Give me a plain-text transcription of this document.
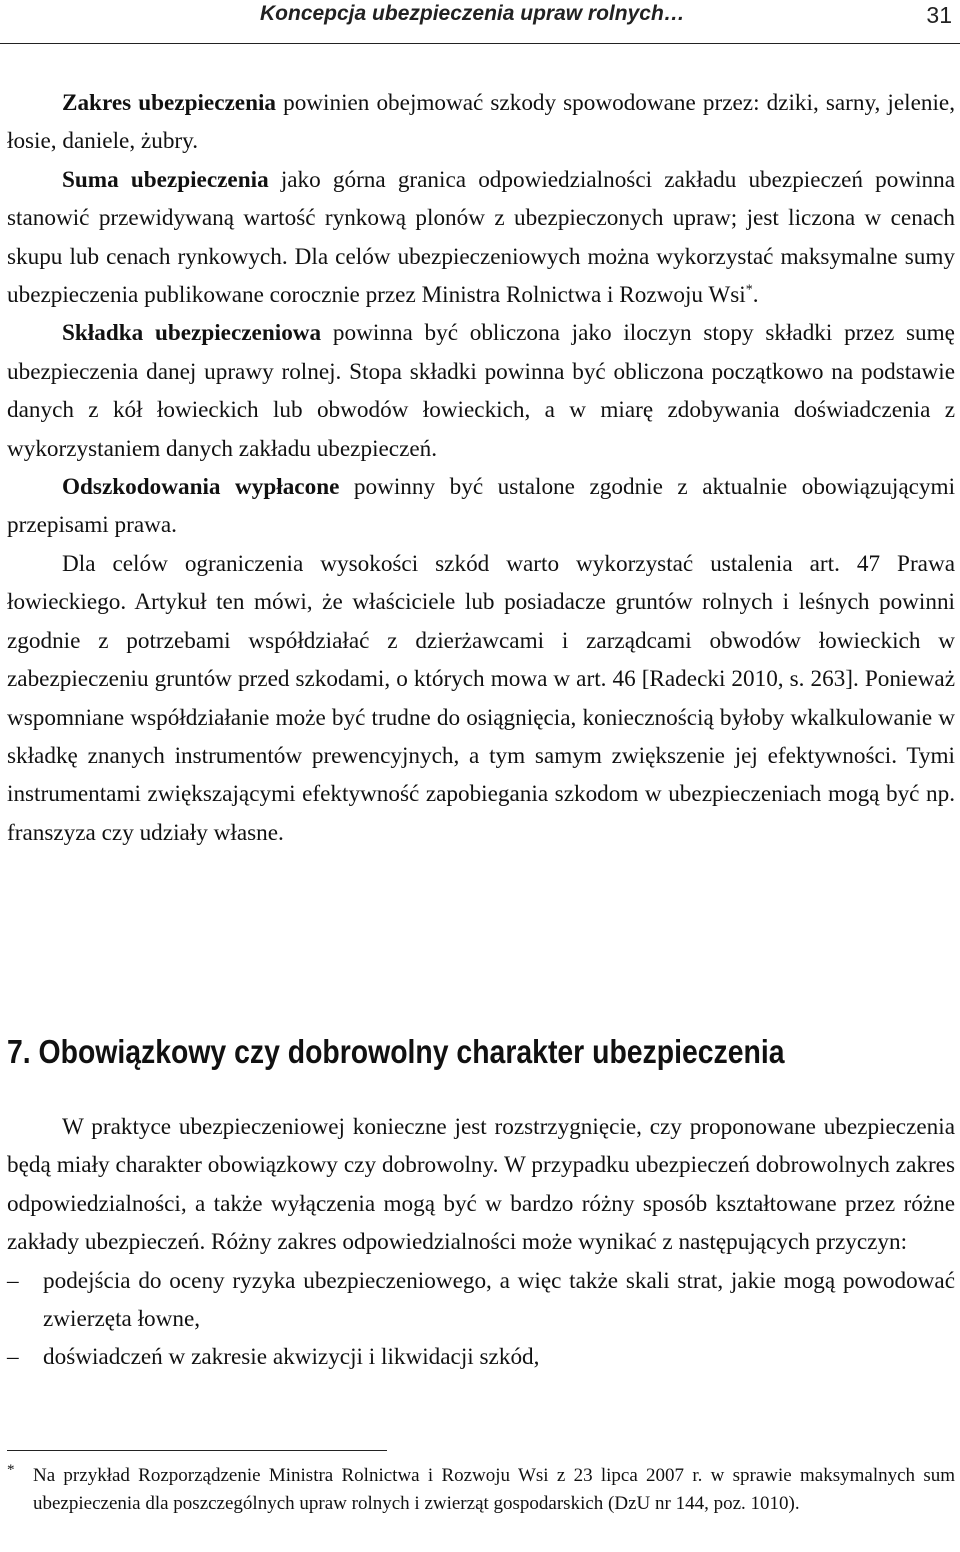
Koncepcja ubezpieczenia upraw rolnych…	31

Zakres ubezpieczenia powinien obejmować szkody spowodowane przez: dziki, sarny, jelenie, łosie, daniele, żubry.

Suma ubezpieczenia jako górna granica odpowiedzialności zakładu ubezpieczeń powinna stanowić przewidywaną wartość rynkową plonów z ubezpieczonych upraw; jest liczona w cenach skupu lub cenach rynkowych. Dla celów ubezpieczeniowych można wykorzystać maksymalne sumy ubezpieczenia publikowane corocznie przez Ministra Rolnictwa i Rozwoju Wsi*.

Składka ubezpieczeniowa powinna być obliczona jako iloczyn stopy składki przez sumę ubezpieczenia danej uprawy rolnej. Stopa składki powinna być obliczona początkowo na podstawie danych z kół łowieckich lub obwodów łowieckich, a w miarę zdobywania doświadczenia z wykorzystaniem danych zakładu ubezpieczeń.

Odszkodowania wypłacone powinny być ustalone zgodnie z aktualnie obowiązującymi przepisami prawa.

Dla celów ograniczenia wysokości szkód warto wykorzystać ustalenia art. 47 Prawa łowieckiego. Artykuł ten mówi, że właściciele lub posiadacze gruntów rolnych i leśnych powinni zgodnie z potrzebami współdziałać z dzierżawcami i zarządcami obwodów łowieckich w zabezpieczeniu gruntów przed szkodami, o których mowa w art. 46 [Radecki 2010, s. 263]. Ponieważ wspomniane współdziałanie może być trudne do osiągnięcia, koniecznością byłoby wkalkulowanie w składkę znanych instrumentów prewencyjnych, a tym samym zwiększenie jej efektywności. Tymi instrumentami zwiększającymi efektywność zapobiegania szkodom w ubezpieczeniach mogą być np. franszyza czy udziały własne.

7. Obowiązkowy czy dobrowolny charakter ubezpieczenia

W praktyce ubezpieczeniowej konieczne jest rozstrzygnięcie, czy proponowane ubezpieczenia będą miały charakter obowiązkowy czy dobrowolny. W przypadku ubezpieczeń dobrowolnych zakres odpowiedzialności, a także wyłączenia mogą być w bardzo różny sposób kształtowane przez różne zakłady ubezpieczeń. Różny zakres odpowiedzialności może wynikać z następujących przyczyn:

–	podejścia do oceny ryzyka ubezpieczeniowego, a więc także skali strat, jakie mogą powodować zwierzęta łowne,
–	doświadczeń w zakresie akwizycji i likwidacji szkód,
* Na przykład Rozporządzenie Ministra Rolnictwa i Rozwoju Wsi z 23 lipca 2007 r. w sprawie maksymalnych sum ubezpieczenia dla poszczególnych upraw rolnych i zwierząt gospodarskich (DzU nr 144, poz. 1010).
